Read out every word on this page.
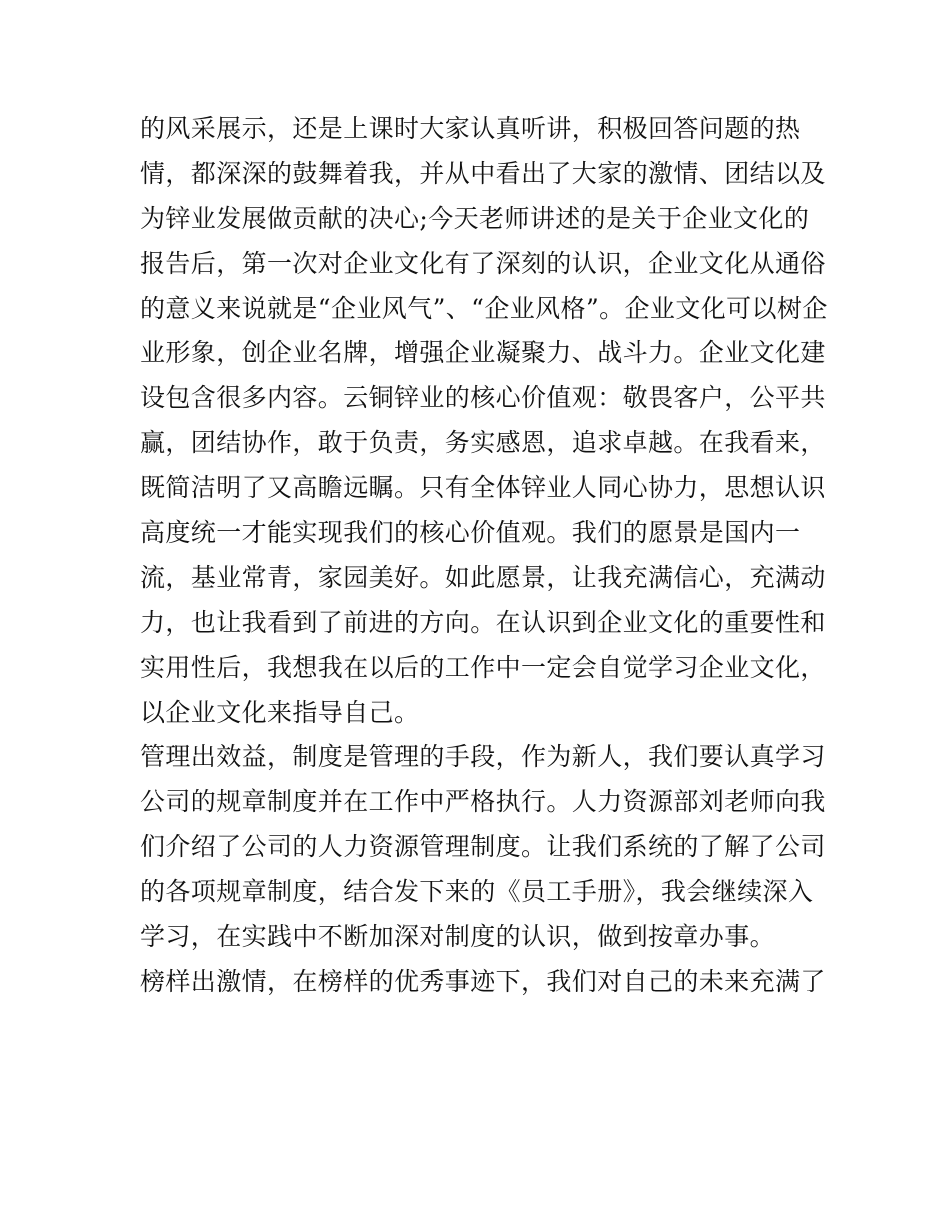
的风采展示，还是上课时大家认真听讲，积极回答问题的热
情，都深深的鼓舞着我，并从中看出了大家的激情、团结以及
为锌业发展做贡献的决心;今天老师讲述的是关于企业文化的
报告后，第一次对企业文化有了深刻的认识，企业文化从通俗
的意义来说就是“企业风气”、“企业风格”。企业文化可以树企
业形象，创企业名牌，增强企业凝聚力、战斗力。企业文化建
设包含很多内容。云铜锌业的核心价值观：敬畏客户，公平共
赢，团结协作，敢于负责，务实感恩，追求卓越。在我看来，
既简洁明了又高瞻远瞩。只有全体锌业人同心协力，思想认识
高度统一才能实现我们的核心价值观。我们的愿景是国内一
流，基业常青，家园美好。如此愿景，让我充满信心，充满动
力，也让我看到了前进的方向。在认识到企业文化的重要性和
实用性后，我想我在以后的工作中一定会自觉学习企业文化，
以企业文化来指导自己。
管理出效益，制度是管理的手段，作为新人，我们要认真学习
公司的规章制度并在工作中严格执行。人力资源部刘老师向我
们介绍了公司的人力资源管理制度。让我们系统的了解了公司
的各项规章制度，结合发下来的《员工手册》，我会继续深入
学习，在实践中不断加深对制度的认识，做到按章办事。
榜样出激情，在榜样的优秀事迹下，我们对自己的未来充满了
